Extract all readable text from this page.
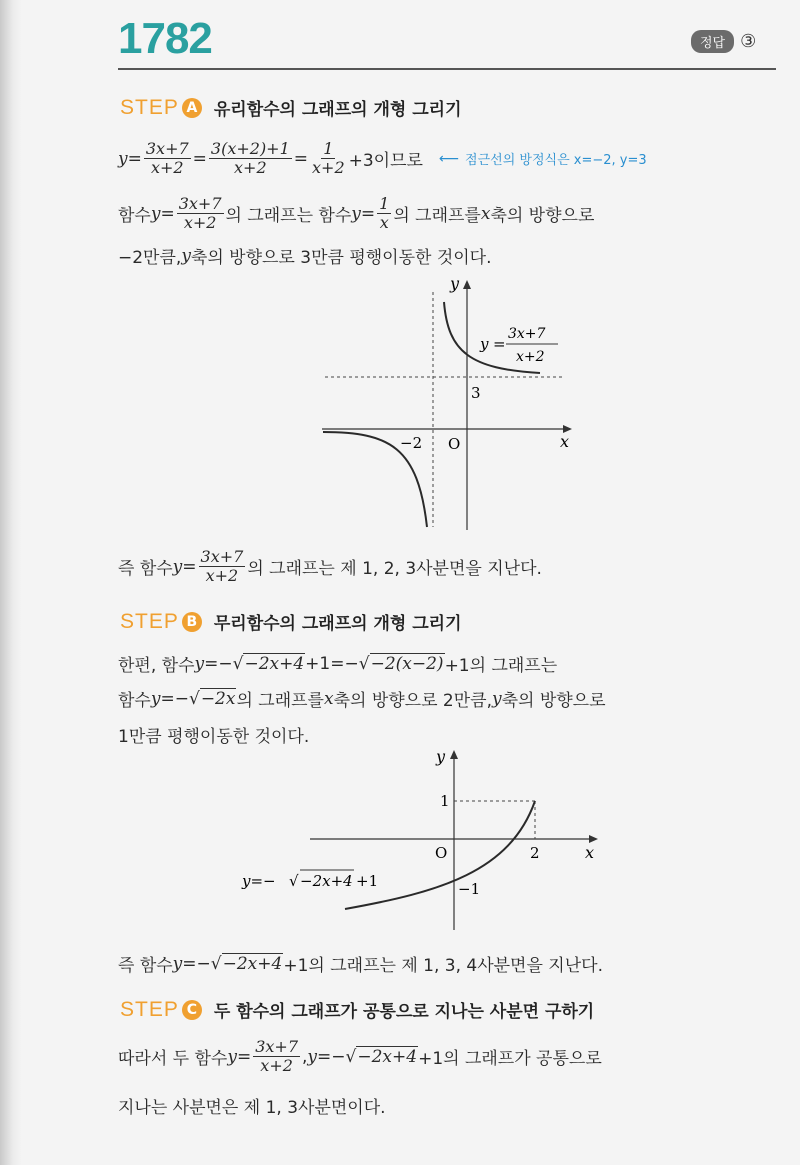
1782	정답 ③
STEP A 유리함수의 그래프의 개형 그리기
$y = \frac{3x+7}{x+2} = \frac{3(x+2)+1}{x+2} = \frac{1}{x+2} +3$이므로 ⟵ 점근선의 방정식은 x=−2, y=3
함수 $y = \frac{3x+7}{x+2}$ 의 그래프는 함수 $y = \frac{1}{x}$ 의 그래프를 x 축의 방향으로
−2만큼, y 축의 방향으로 3만큼 평행이동한 것이다.
y
x
O
−2
3
y =
3x+7
x+2
즉 함수 $y = \frac{3x+7}{x+2}$ 의 그래프는 제 1, 2, 3사분면을 지난다.
STEP B 무리함수의 그래프의 개형 그리기
한편, 함수 y =− √ −2x+4 +1=− √ −2(x−2) +1의 그래프는
함수 y =− √ −2x 의 그래프를 x 축의 방향으로 2만큼, y 축의 방향으로
1만큼 평행이동한 것이다.
y
x
O	2
1
−1
y=− √ −2x+4 +1
즉 함수 y =− √ −2x+4 +1의 그래프는 제 1, 3, 4사분면을 지난다.
STEP C 두 함수의 그래프가 공통으로 지나는 사분면 구하기
따라서 두 함수 $y = \frac{3x+7}{x+2}$ , y =− √ −2x+4 +1의 그래프가 공통으로
지나는 사분면은 제 1, 3사분면이다.
